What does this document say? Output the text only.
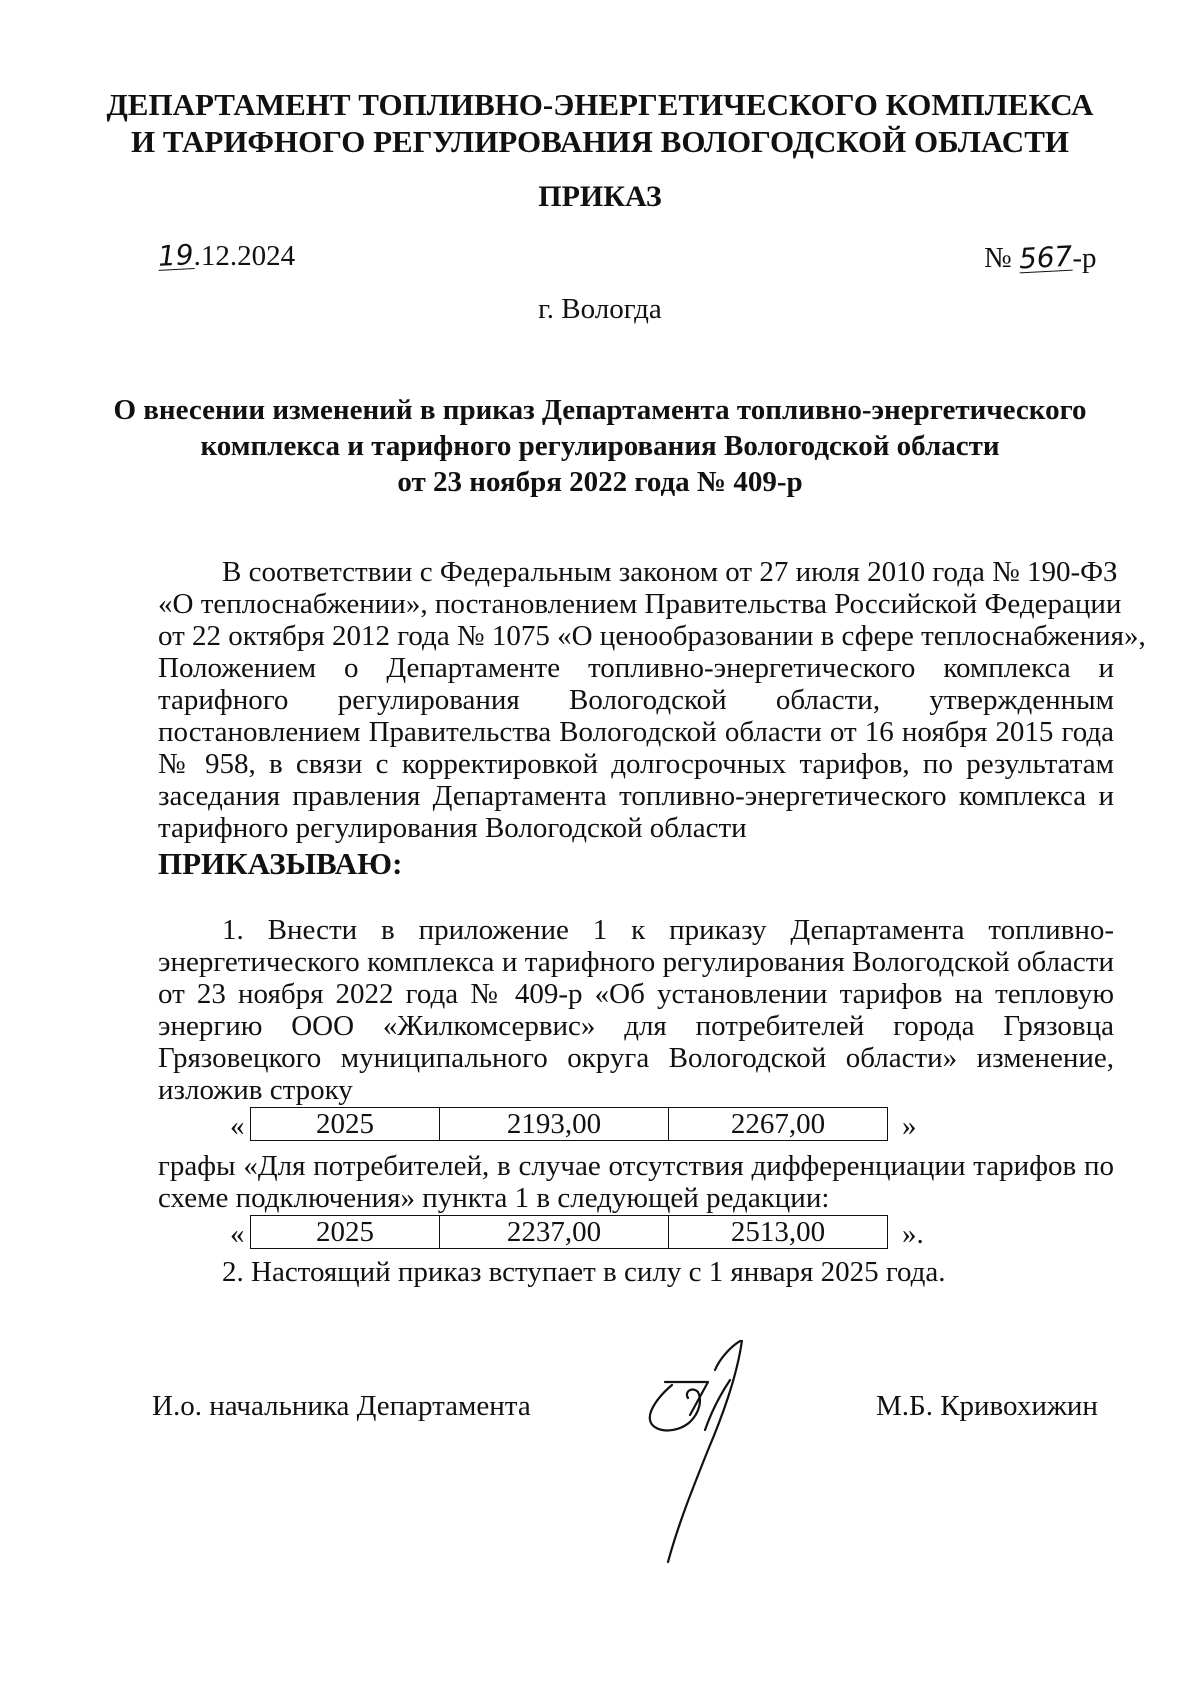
ДЕПАРТАМЕНТ ТОПЛИВНО-ЭНЕРГЕТИЧЕСКОГО КОМПЛЕКСА
И ТАРИФНОГО РЕГУЛИРОВАНИЯ ВОЛОГОДСКОЙ ОБЛАСТИ
ПРИКАЗ
19.12.2024	№ 567-р
г. Вологда
О внесении изменений в приказ Департамента топливно-энергетического
комплекса и тарифного регулирования Вологодской области
от 23 ноября 2022 года № 409-р
В соответствии с Федеральным законом от 27 июля 2010 года № 190-ФЗ
«О теплоснабжении», постановлением Правительства Российской Федерации
от 22 октября 2012 года № 1075 «О ценообразовании в сфере теплоснабжения»,
Положением о Департаменте топливно-энергетического комплекса и
тарифного регулирования Вологодской области, утвержденным
постановлением Правительства Вологодской области от 16 ноября 2015 года
№ 958, в связи с корректировкой долгосрочных тарифов, по результатам
заседания правления Департамента топливно-энергетического комплекса и
тарифного регулирования Вологодской области
ПРИКАЗЫВАЮ:
1. Внести в приложение 1 к приказу Департамента топливно-
энергетического комплекса и тарифного регулирования Вологодской области
от 23 ноября 2022 года № 409-р «Об установлении тарифов на тепловую
энергию ООО «Жилкомсервис» для потребителей города Грязовца
Грязовецкого муниципального округа Вологодской области» изменение,
изложив строку
« 2025	2193,00	2267,00	»
графы «Для потребителей, в случае отсутствия дифференциации тарифов по
схеме подключения» пункта 1 в следующей редакции:
« 2025	2237,00	2513,00	».
2. Настоящий приказ вступает в силу с 1 января 2025 года.
И.о. начальника Департамента	М.Б. Кривохижин
